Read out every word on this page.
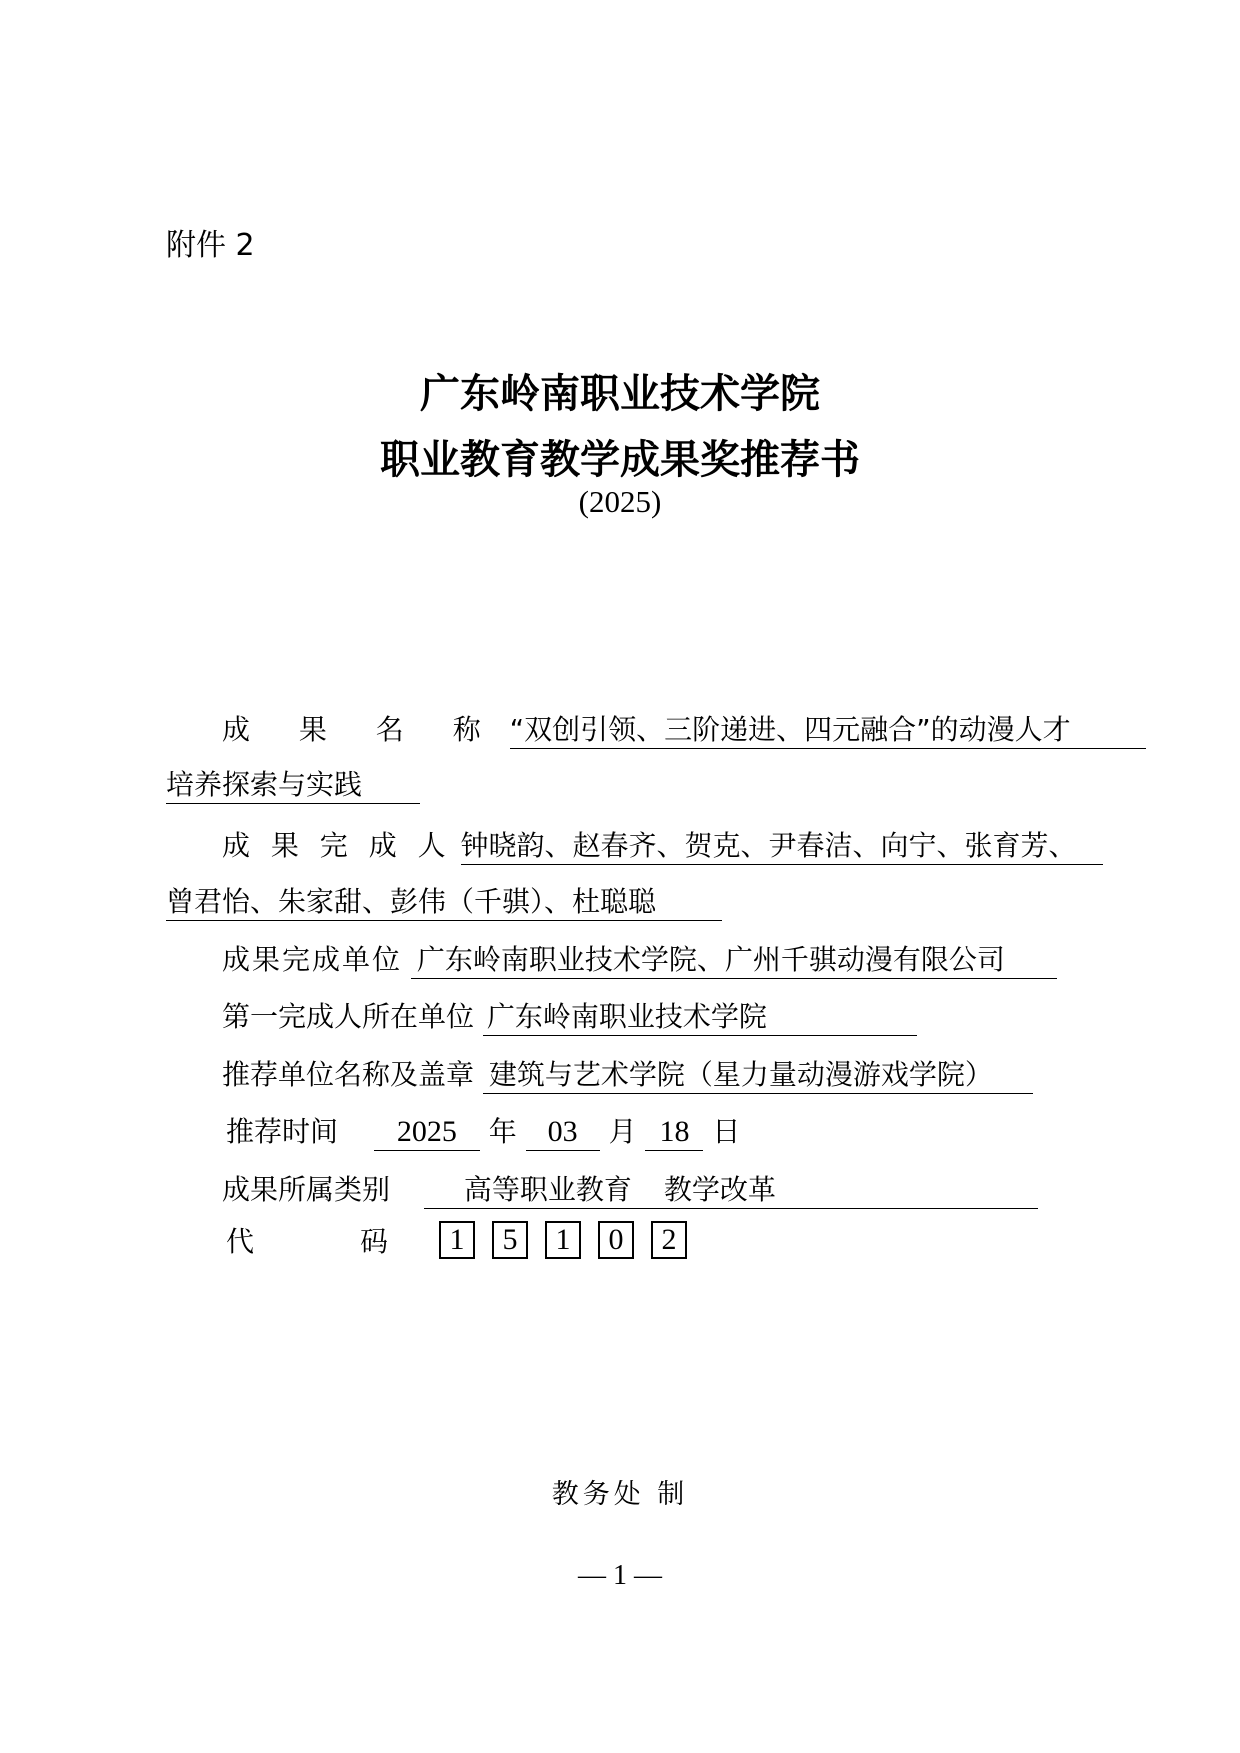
附件 2
广东岭南职业技术学院
职业教育教学成果奖推荐书
(2025)
成 果 名 称 “双创引领、三阶递进、四元融合”的动漫人才
培养探索与实践
成 果 完 成 人 钟晓韵、赵春齐、贺克、尹春洁、向宁、张育芳、
曾君怡、朱家甜、彭伟（千骐）、杜聪聪
成果完成单位 广东岭南职业技术学院、广州千骐动漫有限公司
第一完成人所在单位 广东岭南职业技术学院
推荐单位名称及盖章 建筑与艺术学院（星力量动漫游戏学院）
推荐时间 2025 年 03 月 18 日
成果所属类别	高等职业教育 教学改革
代	码	1	5	1	0	2
教务处 制
— 1 —
